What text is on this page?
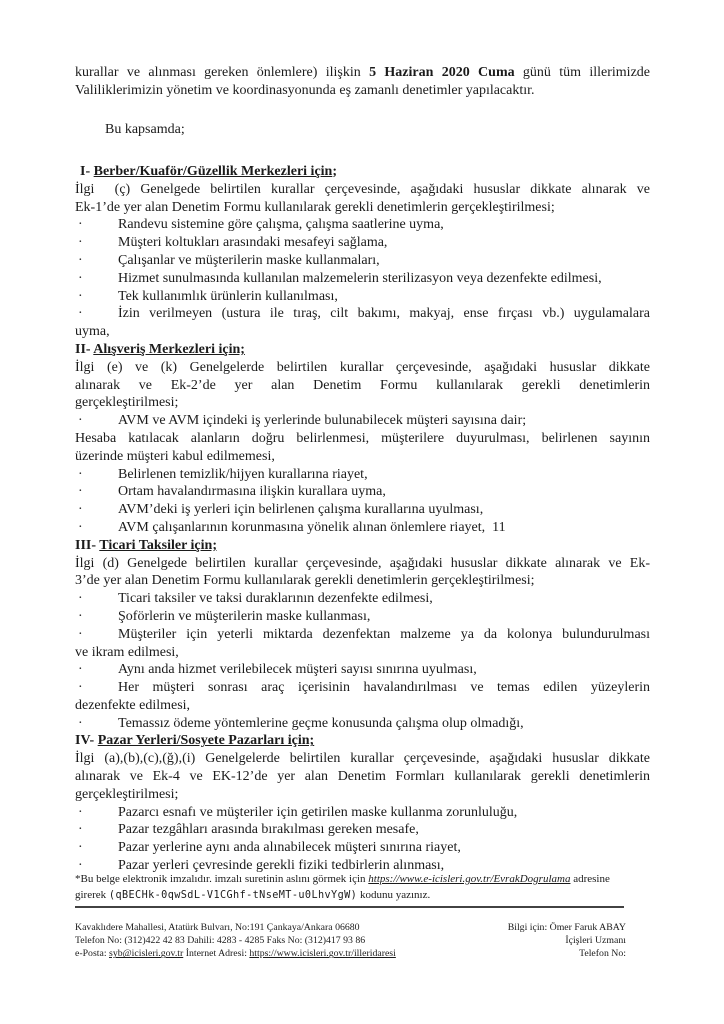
kurallar ve alınması gereken önlemlere) ilişkin 5 Haziran 2020 Cuma günü tüm illerimizde
Valiliklerimizin yönetim ve koordinasyonunda eş zamanlı denetimler yapılacaktır.
Bu kapsamda;
I- Berber/Kuaför/Güzellik Merkezleri için;
İlgi  (ç) Genelgede belirtilen kurallar çerçevesinde, aşağıdaki hususlar dikkate alınarak ve
Ek-1’de yer alan Denetim Formu kullanılarak gerekli denetimlerin gerçekleştirilmesi;
·	Randevu sistemine göre çalışma, çalışma saatlerine uyma,
·	Müşteri koltukları arasındaki mesafeyi sağlama,
·	Çalışanlar ve müşterilerin maske kullanmaları,
·	Hizmet sunulmasında kullanılan malzemelerin sterilizasyon veya dezenfekte edilmesi,
·	Tek kullanımlık ürünlerin kullanılması,
·	İzin verilmeyen (ustura ile tıraş, cilt bakımı, makyaj, ense fırçası vb.) uygulamalara
uyma,
II- Alışveriş Merkezleri için;
İlgi (e) ve (k) Genelgelerde belirtilen kurallar çerçevesinde, aşağıdaki hususlar dikkate
alınarak ve Ek-2’de yer alan Denetim Formu kullanılarak gerekli denetimlerin
gerçekleştirilmesi;
·	AVM ve AVM içindeki iş yerlerinde bulunabilecek müşteri sayısına dair;
Hesaba katılacak alanların doğru belirlenmesi, müşterilere duyurulması, belirlenen sayının
üzerinde müşteri kabul edilmemesi,
·	Belirlenen temizlik/hijyen kurallarına riayet,
·	Ortam havalandırmasına ilişkin kurallara uyma,
·	AVM’deki iş yerleri için belirlenen çalışma kurallarına uyulması,
·	AVM çalışanlarının korunmasına yönelik alınan önlemlere riayet,  11
III- Ticari Taksiler için;
İlgi (d) Genelgede belirtilen kurallar çerçevesinde, aşağıdaki hususlar dikkate alınarak ve Ek-
3’de yer alan Denetim Formu kullanılarak gerekli denetimlerin gerçekleştirilmesi;
·	Ticari taksiler ve taksi duraklarının dezenfekte edilmesi,
·	Şoförlerin ve müşterilerin maske kullanması,
·	Müşteriler için yeterli miktarda dezenfektan malzeme ya da kolonya bulundurulması
ve ikram edilmesi,
·	Aynı anda hizmet verilebilecek müşteri sayısı sınırına uyulması,
·	Her müşteri sonrası araç içerisinin havalandırılması ve temas edilen yüzeylerin
dezenfekte edilmesi,
·	Temassız ödeme yöntemlerine geçme konusunda çalışma olup olmadığı,
IV- Pazar Yerleri/Sosyete Pazarları için;
İlgi (a),(b),(c),(ğ),(i) Genelgelerde belirtilen kurallar çerçevesinde, aşağıdaki hususlar dikkate
alınarak ve Ek-4 ve EK-12’de yer alan Denetim Formları kullanılarak gerekli denetimlerin
gerçekleştirilmesi;
·	Pazarcı esnafı ve müşteriler için getirilen maske kullanma zorunluluğu,
·	Pazar tezgâhları arasında bırakılması gereken mesafe,
·	Pazar yerlerine aynı anda alınabilecek müşteri sınırına riayet,
·	Pazar yerleri çevresinde gerekli fiziki tedbirlerin alınması,
*Bu belge elektronik imzalıdır. imzalı suretinin aslını görmek için https://www.e-icisleri.gov.tr/EvrakDogrulama adresine
girerek (qBECHk-0qwSdL-V1CGhf-tNseMT-u0LhvYgW) kodunu yazınız.
Kavaklıdere Mahallesi, Atatürk Bulvarı, No:191 Çankaya/Ankara 06680
Telefon No: (312)422 42 83 Dahili: 4283 - 4285 Faks No: (312)417 93 86
e-Posta: syb@icisleri.gov.tr İnternet Adresi: https://www.icisleri.gov.tr/illeridaresi
Bilgi için: Ömer Faruk ABAY
İçişleri Uzmanı
Telefon No:
